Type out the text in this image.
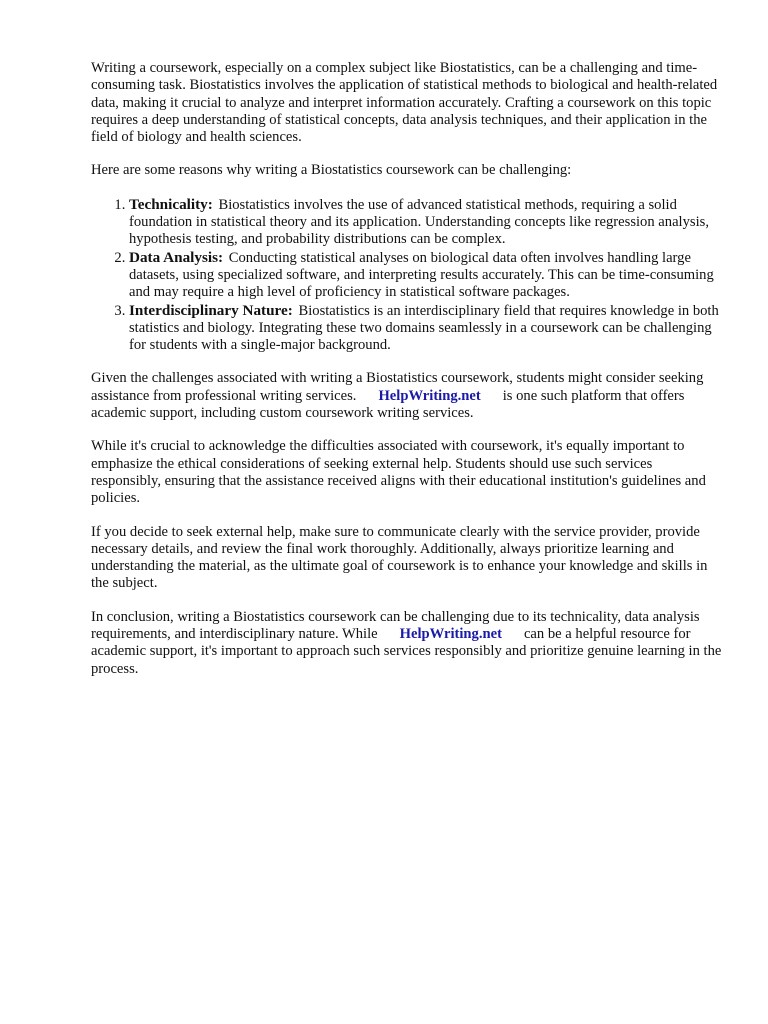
Writing a coursework, especially on a complex subject like Biostatistics, can be a challenging and time-consuming task. Biostatistics involves the application of statistical methods to biological and health-related data, making it crucial to analyze and interpret information accurately. Crafting a coursework on this topic requires a deep understanding of statistical concepts, data analysis techniques, and their application in the field of biology and health sciences.

Here are some reasons why writing a Biostatistics coursework can be challenging:

1. Technicality: Biostatistics involves the use of advanced statistical methods, requiring a solid foundation in statistical theory and its application. Understanding concepts like regression analysis, hypothesis testing, and probability distributions can be complex.
2. Data Analysis: Conducting statistical analyses on biological data often involves handling large datasets, using specialized software, and interpreting results accurately. This can be time-consuming and may require a high level of proficiency in statistical software packages.
3. Interdisciplinary Nature: Biostatistics is an interdisciplinary field that requires knowledge in both statistics and biology. Integrating these two domains seamlessly in a coursework can be challenging for students with a single-major background.

Given the challenges associated with writing a Biostatistics coursework, students might consider seeking assistance from professional writing services. HelpWriting.net is one such platform that offers academic support, including custom coursework writing services.

While it's crucial to acknowledge the difficulties associated with coursework, it's equally important to emphasize the ethical considerations of seeking external help. Students should use such services responsibly, ensuring that the assistance received aligns with their educational institution's guidelines and policies.

If you decide to seek external help, make sure to communicate clearly with the service provider, provide necessary details, and review the final work thoroughly. Additionally, always prioritize learning and understanding the material, as the ultimate goal of coursework is to enhance your knowledge and skills in the subject.

In conclusion, writing a Biostatistics coursework can be challenging due to its technicality, data analysis requirements, and interdisciplinary nature. While HelpWriting.net can be a helpful resource for academic support, it's important to approach such services responsibly and prioritize genuine learning in the process.
